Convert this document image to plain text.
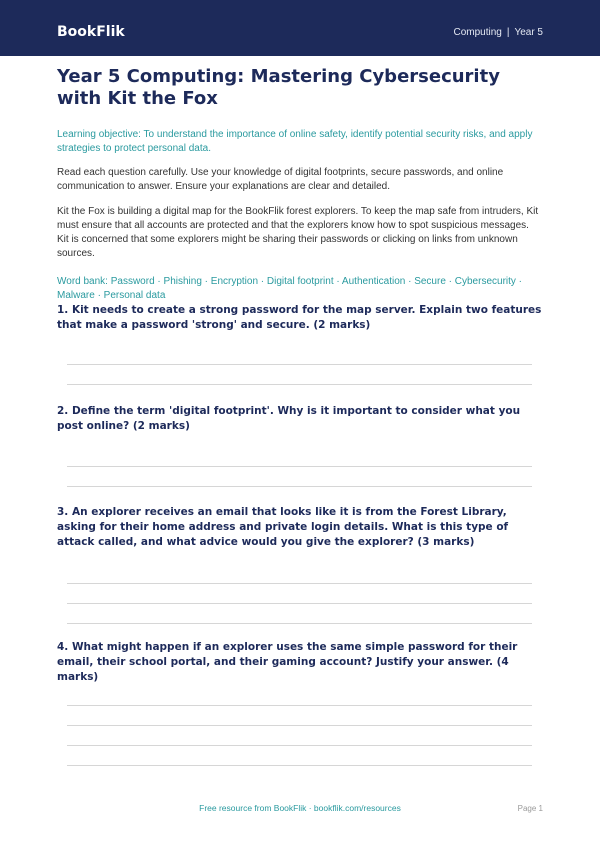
BookFlik	Computing | Year 5
Year 5 Computing: Mastering Cybersecurity with Kit the Fox

Learning objective: To understand the importance of online safety, identify potential security risks, and apply strategies to protect personal data.

Read each question carefully. Use your knowledge of digital footprints, secure passwords, and online communication to answer. Ensure your explanations are clear and detailed.

Kit the Fox is building a digital map for the BookFlik forest explorers. To keep the map safe from intruders, Kit must ensure that all accounts are protected and that the explorers know how to spot suspicious messages. Kit is concerned that some explorers might be sharing their passwords or clicking on links from unknown sources.

Word bank: Password · Phishing · Encryption · Digital footprint · Authentication · Secure · Cybersecurity · Malware · Personal data

1. Kit needs to create a strong password for the map server. Explain two features that make a password 'strong' and secure. (2 marks)

2. Define the term 'digital footprint'. Why is it important to consider what you post online? (2 marks)

3. An explorer receives an email that looks like it is from the Forest Library, asking for their home address and private login details. What is this type of attack called, and what advice would you give the explorer? (3 marks)

4. What might happen if an explorer uses the same simple password for their email, their school portal, and their gaming account? Justify your answer. (4 marks)

Free resource from BookFlik · bookflik.com/resources	Page 1
